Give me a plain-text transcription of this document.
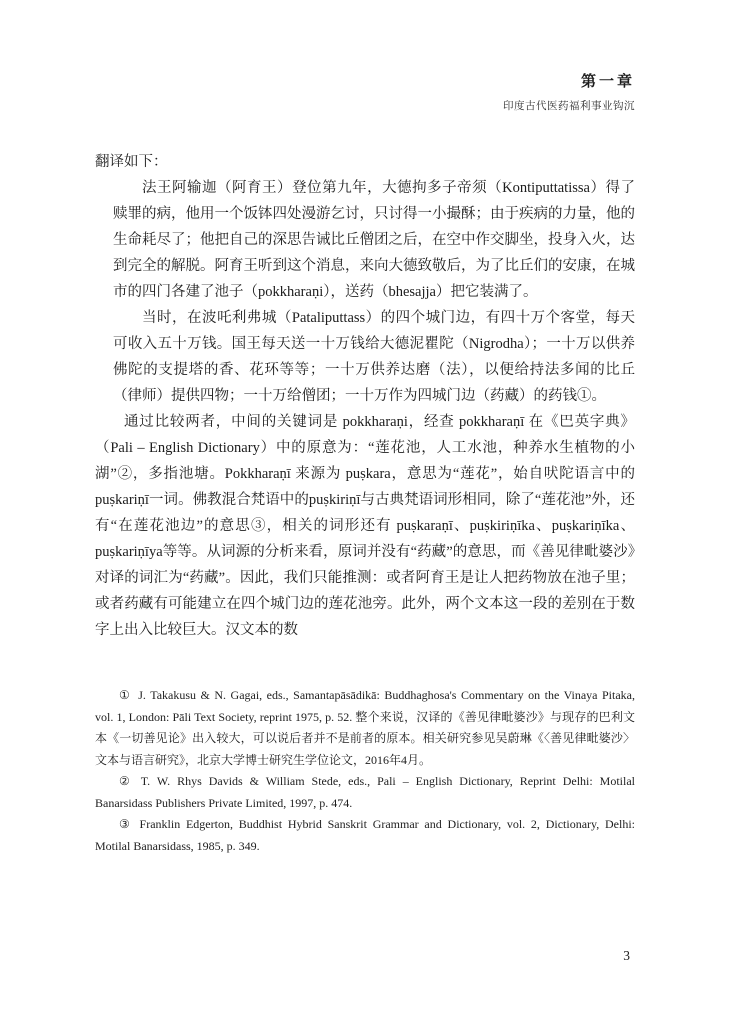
第一章
印度古代医药福利事业钩沉

翻译如下：

法王阿输迦（阿育王）登位第九年，大德拘多子帝须（Kontiputtatissa）得了赎罪的病，他用一个饭钵四处漫游乞讨，只讨得一小撮酥；由于疾病的力量，他的生命耗尽了；他把自己的深思告诫比丘僧团之后，在空中作交脚坐，投身入火，达到完全的解脱。阿育王听到这个消息，来向大德致敬后，为了比丘们的安康，在城市的四门各建了池子（pokkharaṇi），送药（bhesajja）把它装满了。

当时，在波吒利弗城（Pataliputtass）的四个城门边，有四十万个客堂，每天可收入五十万钱。国王每天送一十万钱给大德泥瞿陀（Nigrodha）；一十万以供养佛陀的支提塔的香、花环等等；一十万供养达磨（法），以便给持法多闻的比丘（律师）提供四物；一十万给僧团；一十万作为四城门边（药藏）的药钱①。

通过比较两者，中间的关键词是 pokkharaṇi，经查 pokkharaṇī 在《巴英字典》（Pali – English Dictionary）中的原意为：“莲花池，人工水池，种养水生植物的小湖”②，多指池塘。Pokkharaṇī 来源为 puṣkara，意思为“莲花”，始自吠陀语言中的puṣkariṇī一词。佛教混合梵语中的puṣkiriṇī与古典梵语词形相同，除了“莲花池”外，还有“在莲花池边”的意思③，相关的词形还有 puṣkaraṇī、puṣkiriṇīka、puṣkariṇīka、puṣkariṇīya等等。从词源的分析来看，原词并没有“药藏”的意思，而《善见律毗婆沙》对译的词汇为“药藏”。因此，我们只能推测：或者阿育王是让人把药物放在池子里；或者药藏有可能建立在四个城门边的莲花池旁。此外，两个文本这一段的差别在于数字上出入比较巨大。汉文本的数

① J. Takakusu & N. Gagai, eds., Samantapāsādikā: Buddhaghosa's Commentary on the Vinaya Pitaka, vol. 1, London: Pāli Text Society, reprint 1975, p. 52. 整个来说，汉译的《善见律毗婆沙》与现存的巴利文本《一切善见论》出入较大，可以说后者并不是前者的原本。相关研究参见吴蔚琳《〈善见律毗婆沙〉文本与语言研究》，北京大学博士研究生学位论文，2016年4月。

② T. W. Rhys Davids & William Stede, eds., Pali – English Dictionary, Reprint Delhi: Motilal Banarsidass Publishers Private Limited, 1997, p. 474.

③ Franklin Edgerton, Buddhist Hybrid Sanskrit Grammar and Dictionary, vol. 2, Dictionary, Delhi: Motilal Banarsidass, 1985, p. 349.

3
